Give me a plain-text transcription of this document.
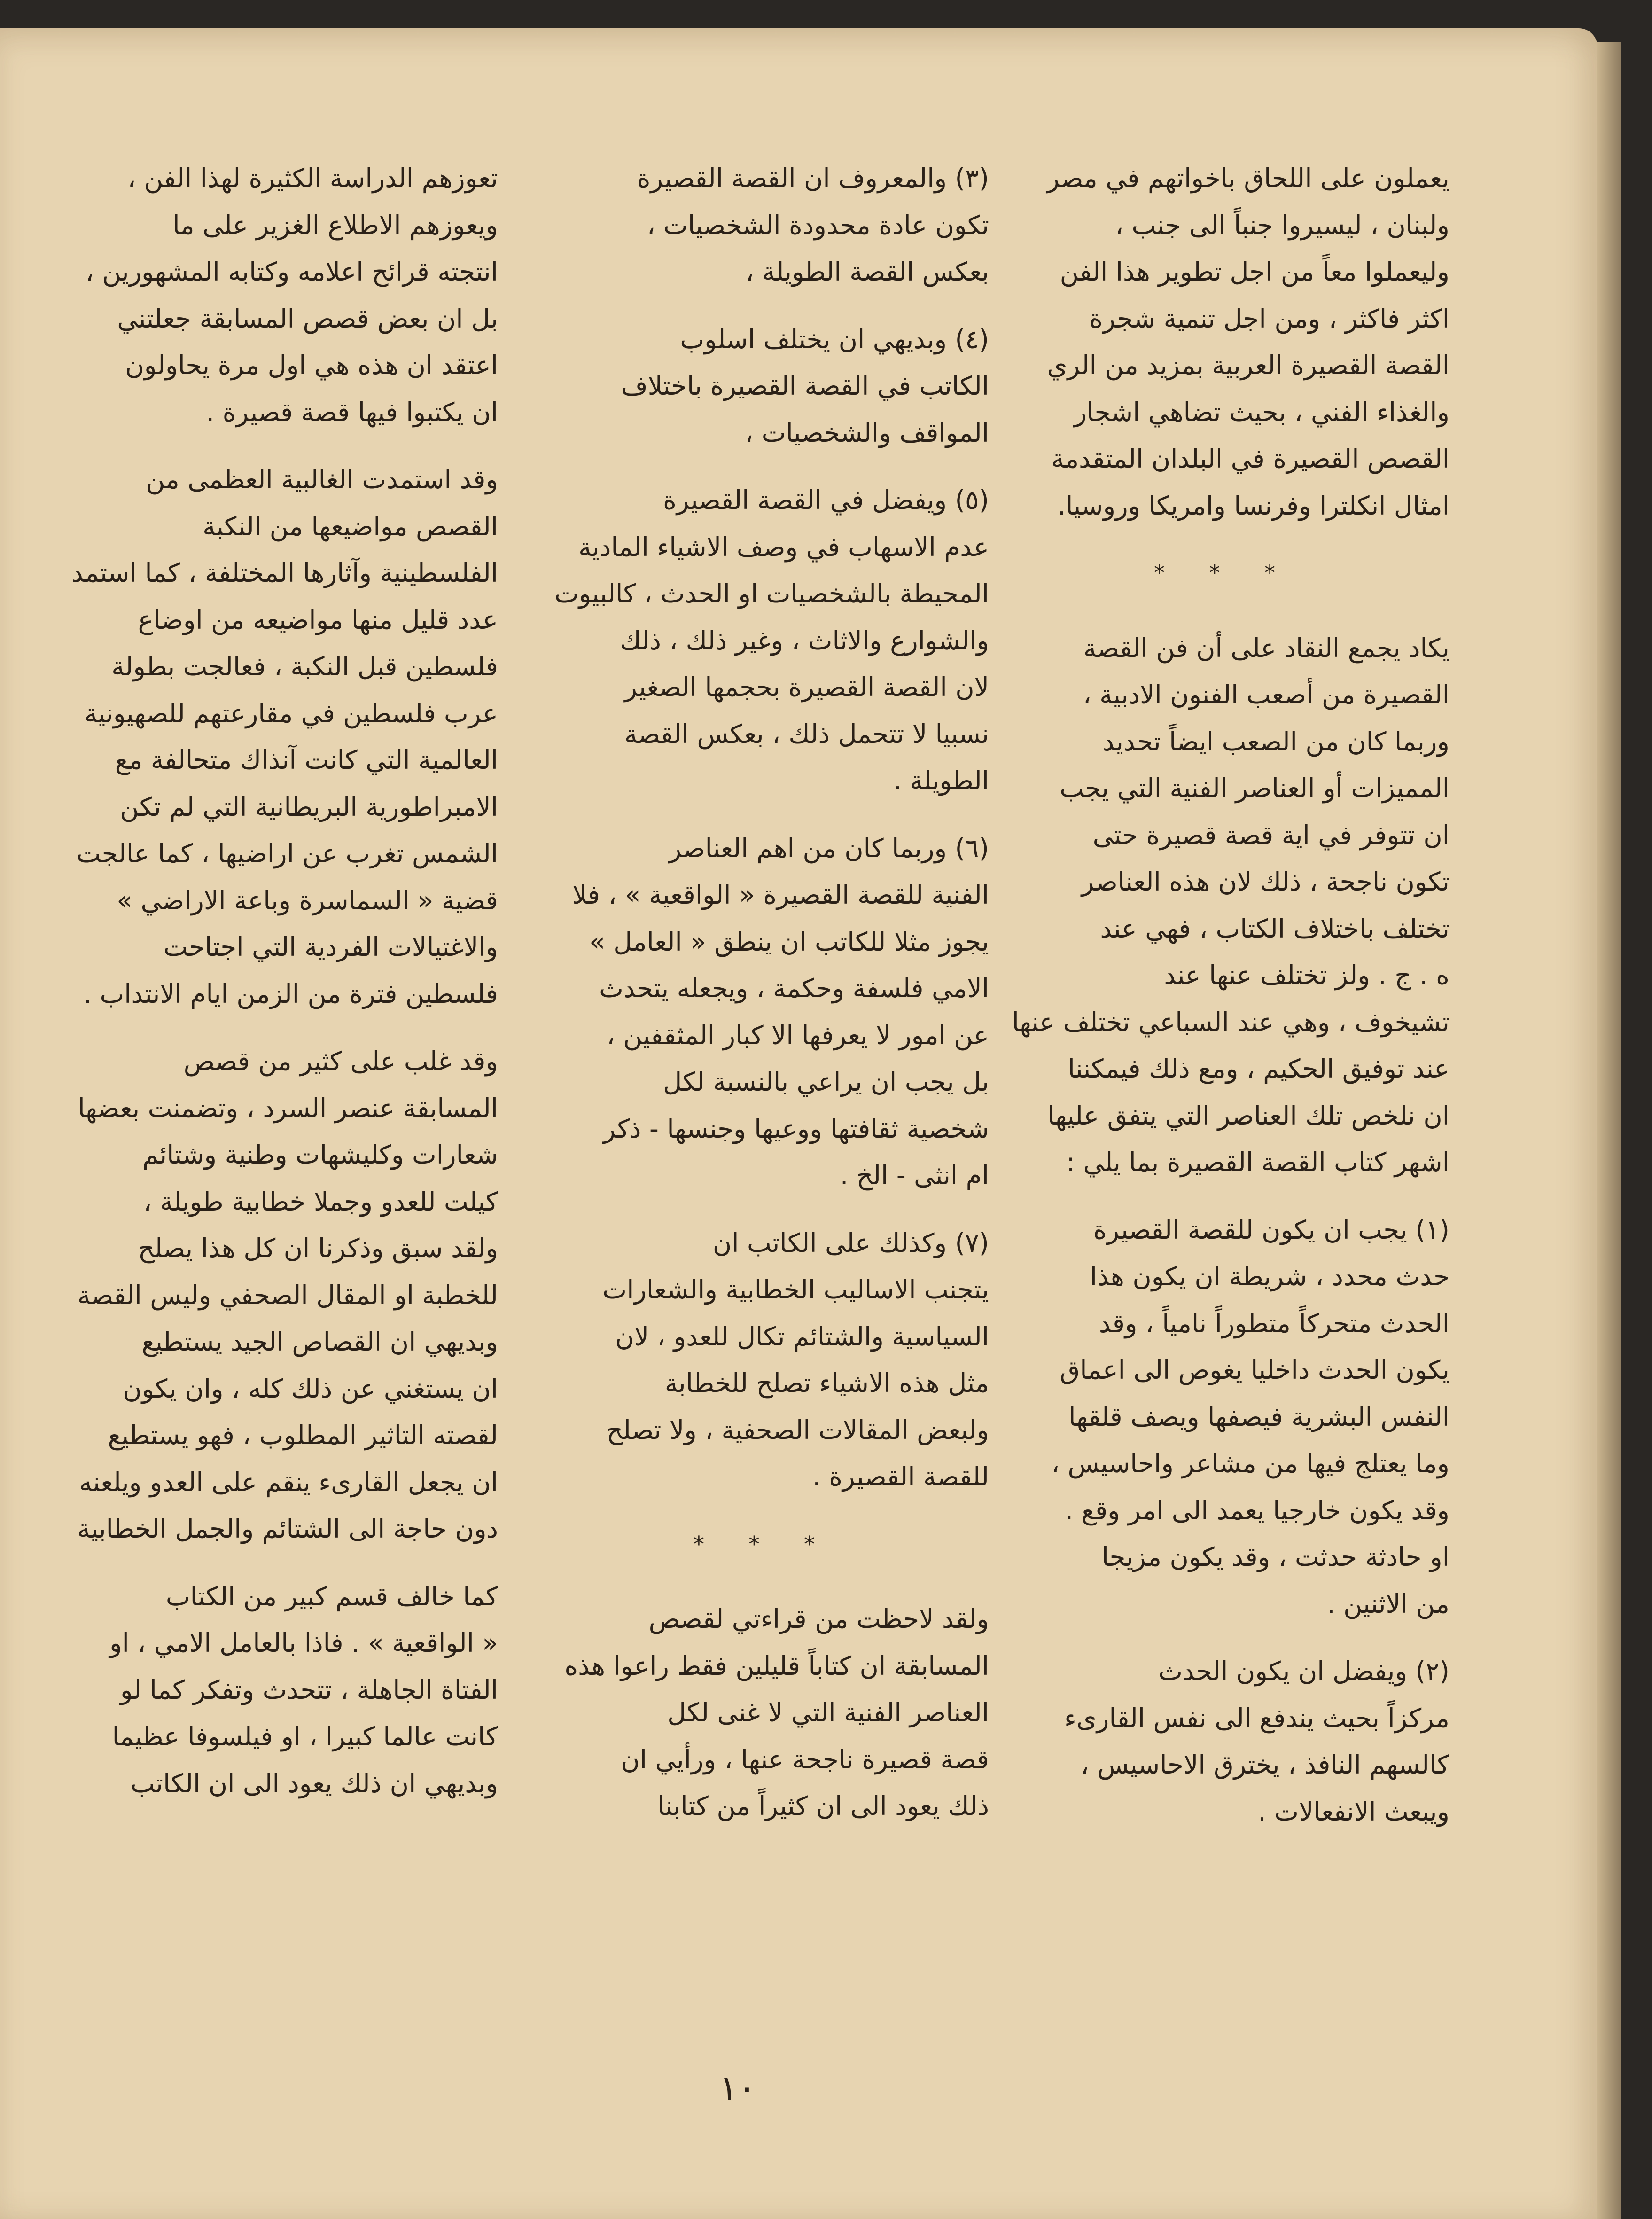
يعملون على اللحاق باخواتهم في مصر
ولبنان ، ليسيروا جنباً الى جنب ،
وليعملوا معاً من اجل تطوير هذا الفن
اكثر فاكثر ، ومن اجل تنمية شجرة
القصة القصيرة العربية بمزيد من الري
والغذاء الفني ، بحيث تضاهي اشجار
القصص القصيرة في البلدان المتقدمة
امثال انكلترا وفرنسا وامريكا وروسيا.

* * *

يكاد يجمع النقاد على أن فن القصة
القصيرة من أصعب الفنون الادبية ،
وربما كان من الصعب ايضاً تحديد
المميزات أو العناصر الفنية التي يجب
ان تتوفر في اية قصة قصيرة حتى
تكون ناجحة ، ذلك لان هذه العناصر
تختلف باختلاف الكتاب ، فهي عند
ه . ج . ولز تختلف عنها عند
تشيخوف ، وهي عند السباعي تختلف عنها
عند توفيق الحكيم ، ومع ذلك فيمكننا
ان نلخص تلك العناصر التي يتفق عليها
اشهر كتاب القصة القصيرة بما يلي :

(١) يجب ان يكون للقصة القصيرة
حدث محدد ، شريطة ان يكون هذا
الحدث متحركاً متطوراً نامياً ، وقد
يكون الحدث داخليا يغوص الى اعماق
النفس البشرية فيصفها ويصف قلقها
وما يعتلج فيها من مشاعر واحاسيس ،
وقد يكون خارجيا يعمد الى امر وقع .
او حادثة حدثت ، وقد يكون مزيجا
من الاثنين .

(٢) ويفضل ان يكون الحدث
مركزاً بحيث يندفع الى نفس القارىء
كالسهم النافذ ، يخترق الاحاسيس ،
ويبعث الانفعالات .

(٣) والمعروف ان القصة القصيرة
تكون عادة محدودة الشخصيات ،
بعكس القصة الطويلة ،

(٤) وبديهي ان يختلف اسلوب
الكاتب في القصة القصيرة باختلاف
المواقف والشخصيات ،

(٥) ويفضل في القصة القصيرة
عدم الاسهاب في وصف الاشياء المادية
المحيطة بالشخصيات او الحدث ، كالبيوت
والشوارع والاثاث ، وغير ذلك ، ذلك
لان القصة القصيرة بحجمها الصغير
نسبيا لا تتحمل ذلك ، بعكس القصة
الطويلة .

(٦) وربما كان من اهم العناصر
الفنية للقصة القصيرة « الواقعية » ، فلا
يجوز مثلا للكاتب ان ينطق « العامل »
الامي فلسفة وحكمة ، ويجعله يتحدث
عن امور لا يعرفها الا كبار المثقفين ،
بل يجب ان يراعي بالنسبة لكل
شخصية ثقافتها ووعيها وجنسها - ذكر
ام انثى - الخ .

(٧) وكذلك على الكاتب ان
يتجنب الاساليب الخطابية والشعارات
السياسية والشتائم تكال للعدو ، لان
مثل هذه الاشياء تصلح للخطابة
ولبعض المقالات الصحفية ، ولا تصلح
للقصة القصيرة .

* * *

ولقد لاحظت من قراءتي لقصص
المسابقة ان كتاباً قليلين فقط راعوا هذه
العناصر الفنية التي لا غنى لكل
قصة قصيرة ناجحة عنها ، ورأيي ان
ذلك يعود الى ان كثيراً من كتابنا

تعوزهم الدراسة الكثيرة لهذا الفن ،
ويعوزهم الاطلاع الغزير على ما
انتجته قرائح اعلامه وكتابه المشهورين ،
بل ان بعض قصص المسابقة جعلتني
اعتقد ان هذه هي اول مرة يحاولون
ان يكتبوا فيها قصة قصيرة .

وقد استمدت الغالبية العظمى من
القصص مواضيعها من النكبة
الفلسطينية وآثارها المختلفة ، كما استمد
عدد قليل منها مواضيعه من اوضاع
فلسطين قبل النكبة ، فعالجت بطولة
عرب فلسطين في مقارعتهم للصهيونية
العالمية التي كانت آنذاك متحالفة مع
الامبراطورية البريطانية التي لم تكن
الشمس تغرب عن اراضيها ، كما عالجت
قضية « السماسرة وباعة الاراضي »
والاغتيالات الفردية التي اجتاحت
فلسطين فترة من الزمن ايام الانتداب .

وقد غلب على كثير من قصص
المسابقة عنصر السرد ، وتضمنت بعضها
شعارات وكليشهات وطنية وشتائم
كيلت للعدو وجملا خطابية طويلة ،
ولقد سبق وذكرنا ان كل هذا يصلح
للخطبة او المقال الصحفي وليس القصة
وبديهي ان القصاص الجيد يستطيع
ان يستغني عن ذلك كله ، وان يكون
لقصته التاثير المطلوب ، فهو يستطيع
ان يجعل القارىء ينقم على العدو ويلعنه
دون حاجة الى الشتائم والجمل الخطابية

كما خالف قسم كبير من الكتاب
« الواقعية » . فاذا بالعامل الامي ، او
الفتاة الجاهلة ، تتحدث وتفكر كما لو
كانت عالما كبيرا ، او فيلسوفا عظيما
وبديهي ان ذلك يعود الى ان الكاتب

١٠
